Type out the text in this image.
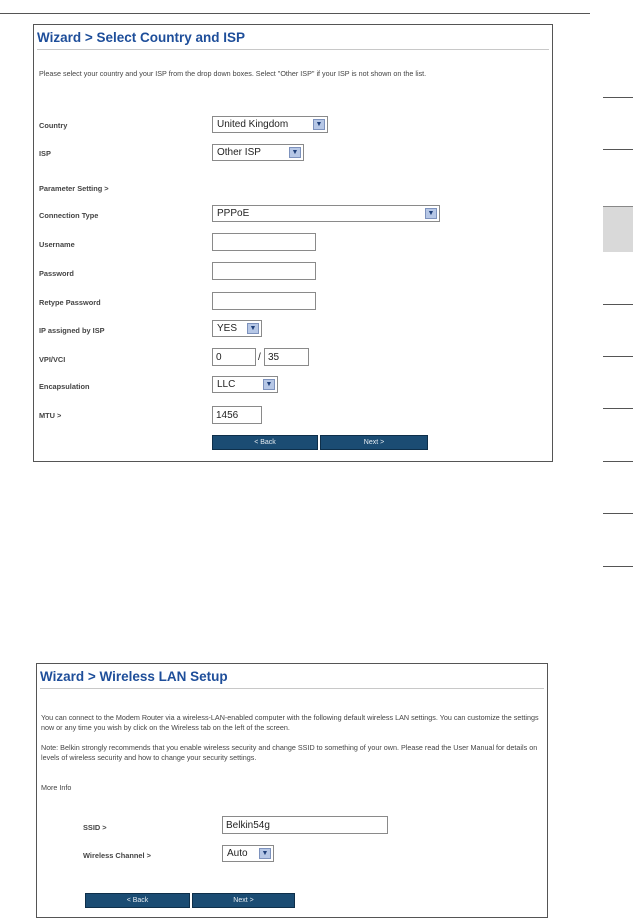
Wizard > Select Country and ISP
Please select your country and your ISP from the drop down boxes. Select "Other ISP" if your ISP is not shown on the list.
Country	United Kingdom	▼
ISP	Other ISP	▼
Parameter Setting >
Connection Type	PPPoE	▼
Username
Password
Retype Password
IP assigned by ISP	YES	▼
VPI/VCI	0	/ 35
Encapsulation	LLC	▼
MTU >	1456
< Back	Next >
Wizard > Wireless LAN Setup
You can connect to the Modem Router via a wireless-LAN-enabled computer with the following default wireless LAN settings. You can customize the settings now or any time you wish by click on the Wireless tab on the left of the screen.
Note: Belkin strongly recommends that you enable wireless security and change SSID to something of your own. Please read the User Manual for details on levels of wireless security and how to change your security settings.
More Info
SSID >	Belkin54g
Wireless Channel >	Auto	▼
< Back	Next >
